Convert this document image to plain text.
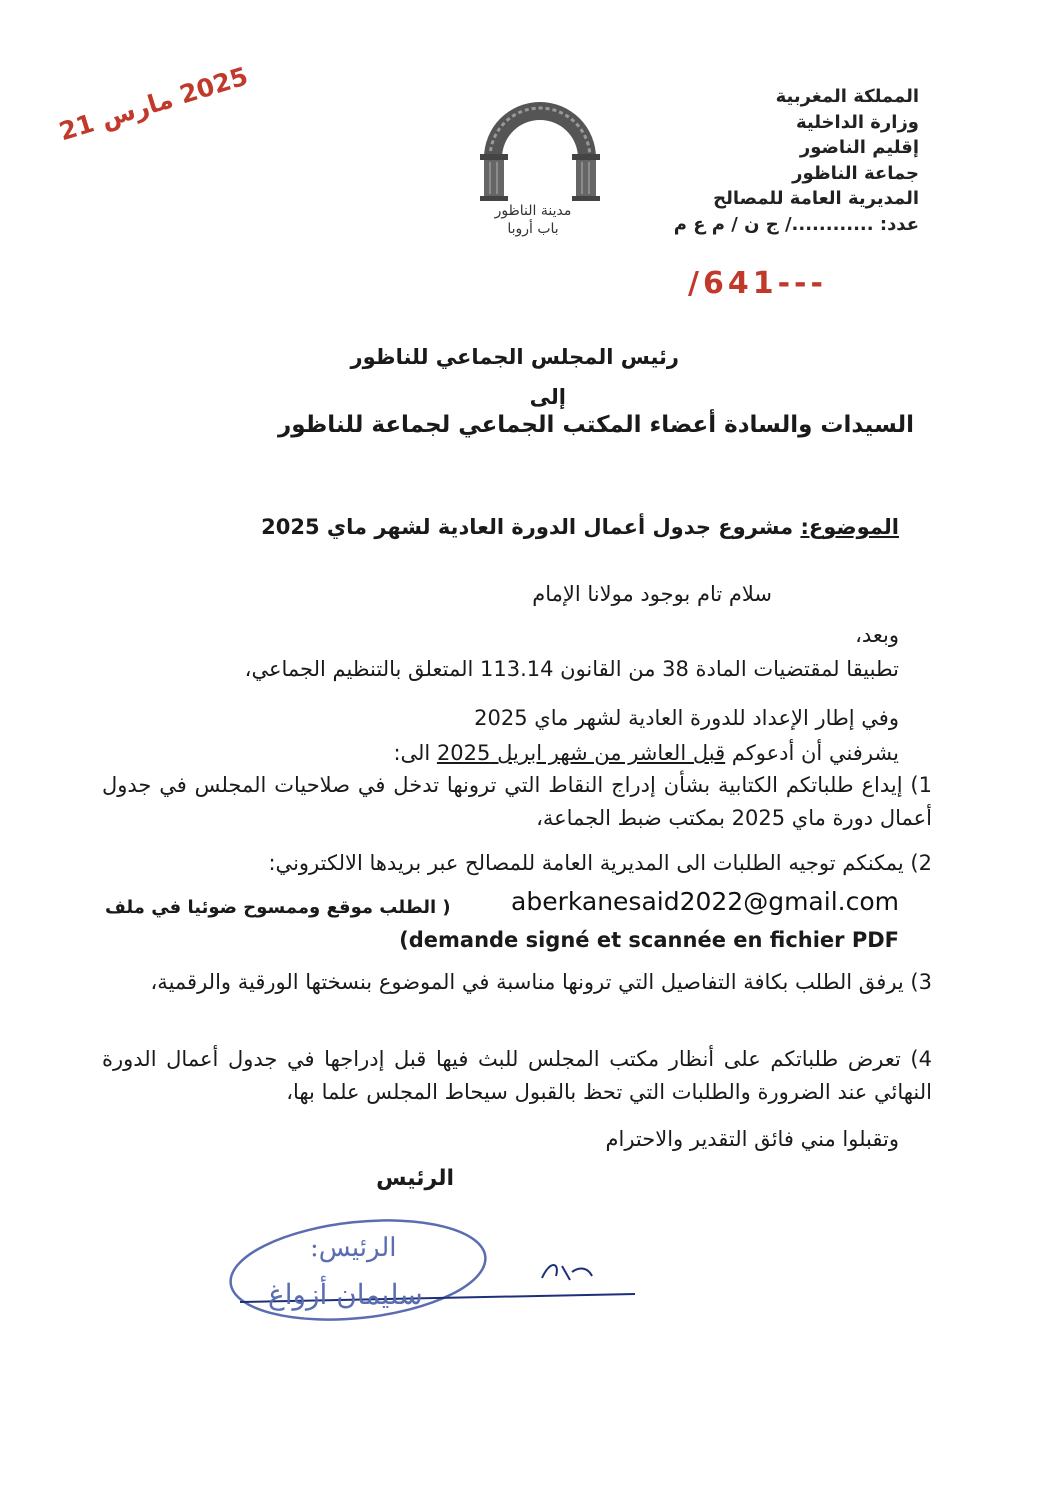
المملكة المغربية
وزارة الداخلية
إقليم الناضور
جماعة الناظور
المديرية العامة للمصالح
عدد: ............/ ج ن / م ع م
2025 مارس 21
/641---
مدينة الناظور
باب أروبا
رئيس المجلس الجماعي للناظور
إلى
السيدات والسادة أعضاء المكتب الجماعي لجماعة للناظور
الموضوع: مشروع جدول أعمال الدورة العادية لشهر ماي 2025
سلام تام بوجود مولانا الإمام
وبعد،
تطبيقا لمقتضيات المادة 38 من القانون 113.14 المتعلق بالتنظيم الجماعي،
وفي إطار الإعداد للدورة العادية لشهر ماي 2025
يشرفني أن أدعوكم قبل العاشر من شهر ابريل 2025 الى:
1) إيداع طلباتكم الكتابية بشأن إدراج النقاط التي ترونها تدخل في صلاحيات المجلس في جدول أعمال دورة ماي 2025 بمكتب ضبط الجماعة،
2) يمكنكم توجيه الطلبات الى المديرية العامة للمصالح عبر بريدها الالكتروني:
aberkanesaid2022@gmail.com
( الطلب موقع وممسوح ضوئيا في ملف
(demande signé et scannée en fichier PDF
3) يرفق الطلب بكافة التفاصيل التي ترونها مناسبة في الموضوع بنسختها الورقية والرقمية،
4) تعرض طلباتكم على أنظار مكتب المجلس للبث فيها قبل إدراجها في جدول أعمال الدورة النهائي عند الضرورة والطلبات التي تحظ بالقبول سيحاط المجلس علما بها،
وتقبلوا مني فائق التقدير والاحترام
الرئيس
الرئيس:
سليمان أزواغ
